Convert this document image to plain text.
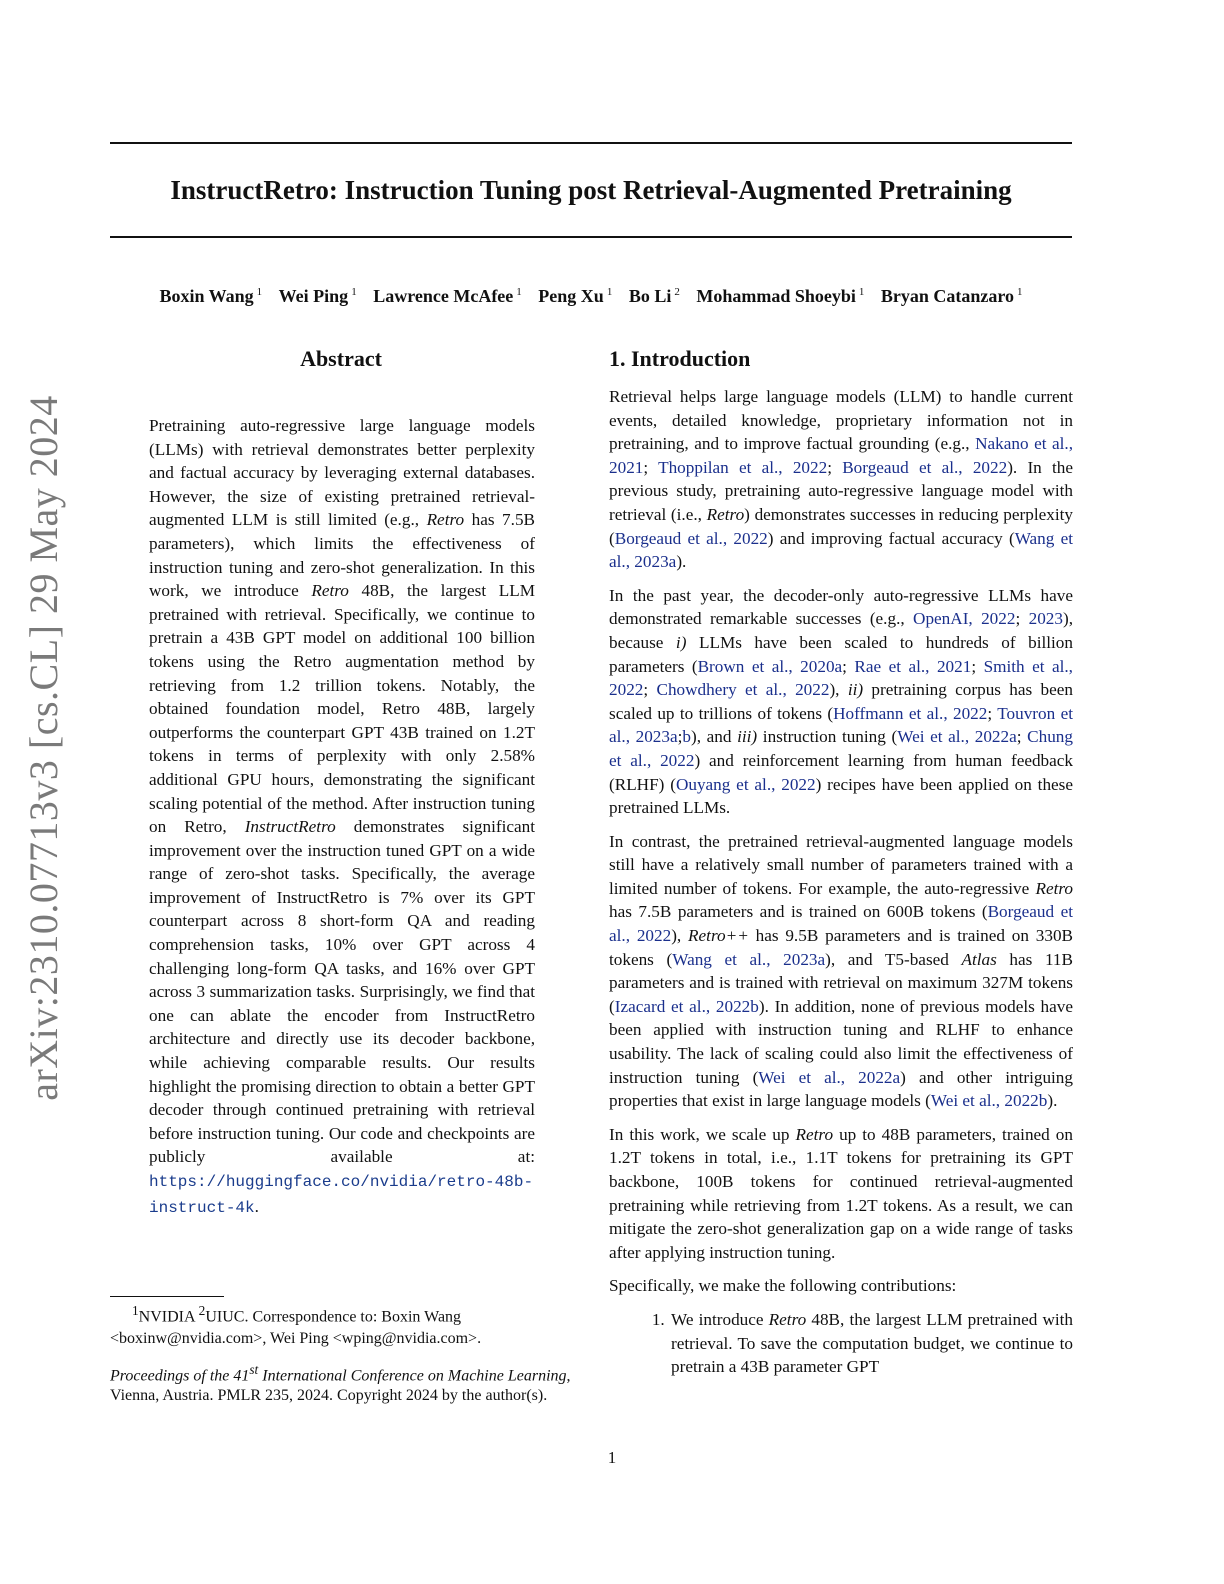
InstructRetro: Instruction Tuning post Retrieval-Augmented Pretraining
Boxin Wang $^1$ Wei Ping $^1$ Lawrence McAfee $^1$ Peng Xu $^1$ Bo Li $^2$ Mohammad Shoeybi $^1$ Bryan Catanzaro $^1$
arXiv:2310.07713v3 [cs.CL] 29 May 2024
Abstract

Pretraining auto-regressive large language models (LLMs) with retrieval demonstrates better perplexity and factual accuracy by leveraging external databases. However, the size of existing pretrained retrieval-augmented LLM is still limited (e.g., Retro has 7.5B parameters), which limits the effectiveness of instruction tuning and zero-shot generalization. In this work, we introduce Retro 48B, the largest LLM pretrained with retrieval. Specifically, we continue to pretrain a 43B GPT model on additional 100 billion tokens using the Retro augmentation method by retrieving from 1.2 trillion tokens. Notably, the obtained foundation model, Retro 48B, largely outperforms the counterpart GPT 43B trained on 1.2T tokens in terms of perplexity with only 2.58% additional GPU hours, demonstrating the significant scaling potential of the method. After instruction tuning on Retro, InstructRetro demonstrates significant improvement over the instruction tuned GPT on a wide range of zero-shot tasks. Specifically, the average improvement of InstructRetro is 7% over its GPT counterpart across 8 short-form QA and reading comprehension tasks, 10% over GPT across 4 challenging long-form QA tasks, and 16% over GPT across 3 summarization tasks. Surprisingly, we find that one can ablate the encoder from InstructRetro architecture and directly use its decoder backbone, while achieving comparable results. Our results highlight the promising direction to obtain a better GPT decoder through continued pretraining with retrieval before instruction tuning. Our code and checkpoints are publicly available at: https://huggingface.co/nvidia/retro-48b-instruct-4k.

$^1$NVIDIA $^2$UIUC. Correspondence to: Boxin Wang

<boxinw@nvidia.com>, Wei Ping <wping@nvidia.com>.

Proceedings of the 41st International Conference on Machine Learning, Vienna, Austria. PMLR 235, 2024. Copyright 2024 by the author(s).

1. Introduction

Retrieval helps large language models (LLM) to handle current events, detailed knowledge, proprietary information not in pretraining, and to improve factual grounding (e.g., Nakano et al., 2021; Thoppilan et al., 2022; Borgeaud et al., 2022). In the previous study, pretraining auto-regressive language model with retrieval (i.e., Retro) demonstrates successes in reducing perplexity (Borgeaud et al., 2022) and improving factual accuracy (Wang et al., 2023a).

In the past year, the decoder-only auto-regressive LLMs have demonstrated remarkable successes (e.g., OpenAI, 2022; 2023), because i) LLMs have been scaled to hundreds of billion parameters (Brown et al., 2020a; Rae et al., 2021; Smith et al., 2022; Chowdhery et al., 2022), ii) pretraining corpus has been scaled up to trillions of tokens (Hoffmann et al., 2022; Touvron et al., 2023a;b), and iii) instruction tuning (Wei et al., 2022a; Chung et al., 2022) and reinforcement learning from human feedback (RLHF) (Ouyang et al., 2022) recipes have been applied on these pretrained LLMs.

In contrast, the pretrained retrieval-augmented language models still have a relatively small number of parameters trained with a limited number of tokens. For example, the auto-regressive Retro has 7.5B parameters and is trained on 600B tokens (Borgeaud et al., 2022), Retro++ has 9.5B parameters and is trained on 330B tokens (Wang et al., 2023a), and T5-based Atlas has 11B parameters and is trained with retrieval on maximum 327M tokens (Izacard et al., 2022b). In addition, none of previous models have been applied with instruction tuning and RLHF to enhance usability. The lack of scaling could also limit the effectiveness of instruction tuning (Wei et al., 2022a) and other intriguing properties that exist in large language models (Wei et al., 2022b).

In this work, we scale up Retro up to 48B parameters, trained on 1.2T tokens in total, i.e., 1.1T tokens for pretraining its GPT backbone, 100B tokens for continued retrieval-augmented pretraining while retrieving from 1.2T tokens. As a result, we can mitigate the zero-shot generalization gap on a wide range of tasks after applying instruction tuning.

Specifically, we make the following contributions:

1. We introduce Retro 48B, the largest LLM pretrained with retrieval. To save the computation budget, we continue to pretrain a 43B parameter GPT
1
